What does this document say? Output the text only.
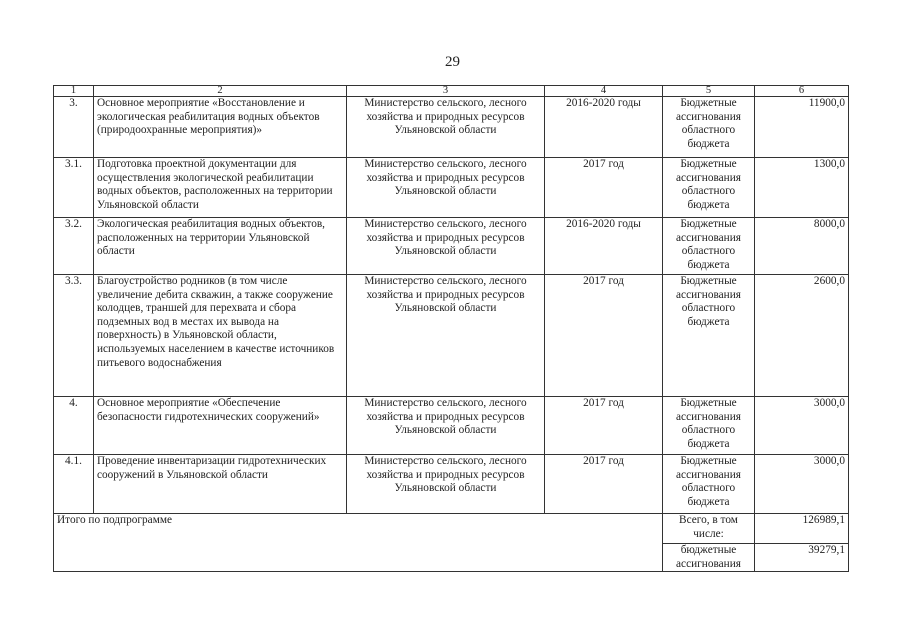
29
1	2	3	4	5	6
3.	Основное мероприятие «Восстановление и экологическая реабилитация водных объектов (природоохранные мероприятия)»	Министерство сельского, лесного хозяйства и природных ресурсов Ульяновской области	2016-2020 годы	Бюджетные ассигнования областного бюджета	11900,0
3.1.	Подготовка проектной документации для осуществления экологической реабилитации водных объектов, расположенных на территории Ульяновской области	Министерство сельского, лесного хозяйства и природных ресурсов Ульяновской области	2017 год	Бюджетные ассигнования областного бюджета	1300,0
3.2.	Экологическая реабилитация водных объектов, расположенных на территории Ульяновской области	Министерство сельского, лесного хозяйства и природных ресурсов Ульяновской области	2016-2020 годы	Бюджетные ассигнования областного бюджета	8000,0
3.3.	Благоустройство родников (в том числе увеличение дебита скважин, а также сооружение колодцев, траншей для перехвата и сбора подземных вод в местах их вывода на поверхность) в Ульяновской области, используемых населением в качестве источников питьевого водоснабжения	Министерство сельского, лесного хозяйства и природных ресурсов Ульяновской области	2017 год	Бюджетные ассигнования областного бюджета	2600,0
4.	Основное мероприятие «Обеспечение безопасности гидротехнических сооружений»	Министерство сельского, лесного хозяйства и природных ресурсов Ульяновской области	2017 год	Бюджетные ассигнования областного бюджета	3000,0
4.1.	Проведение инвентаризации гидротехнических сооружений в Ульяновской области	Министерство сельского, лесного хозяйства и природных ресурсов Ульяновской области	2017 год	Бюджетные ассигнования областного бюджета	3000,0
Итого по подпрограмме				Всего, в том числе:	126989,1
				бюджетные ассигнования	39279,1
